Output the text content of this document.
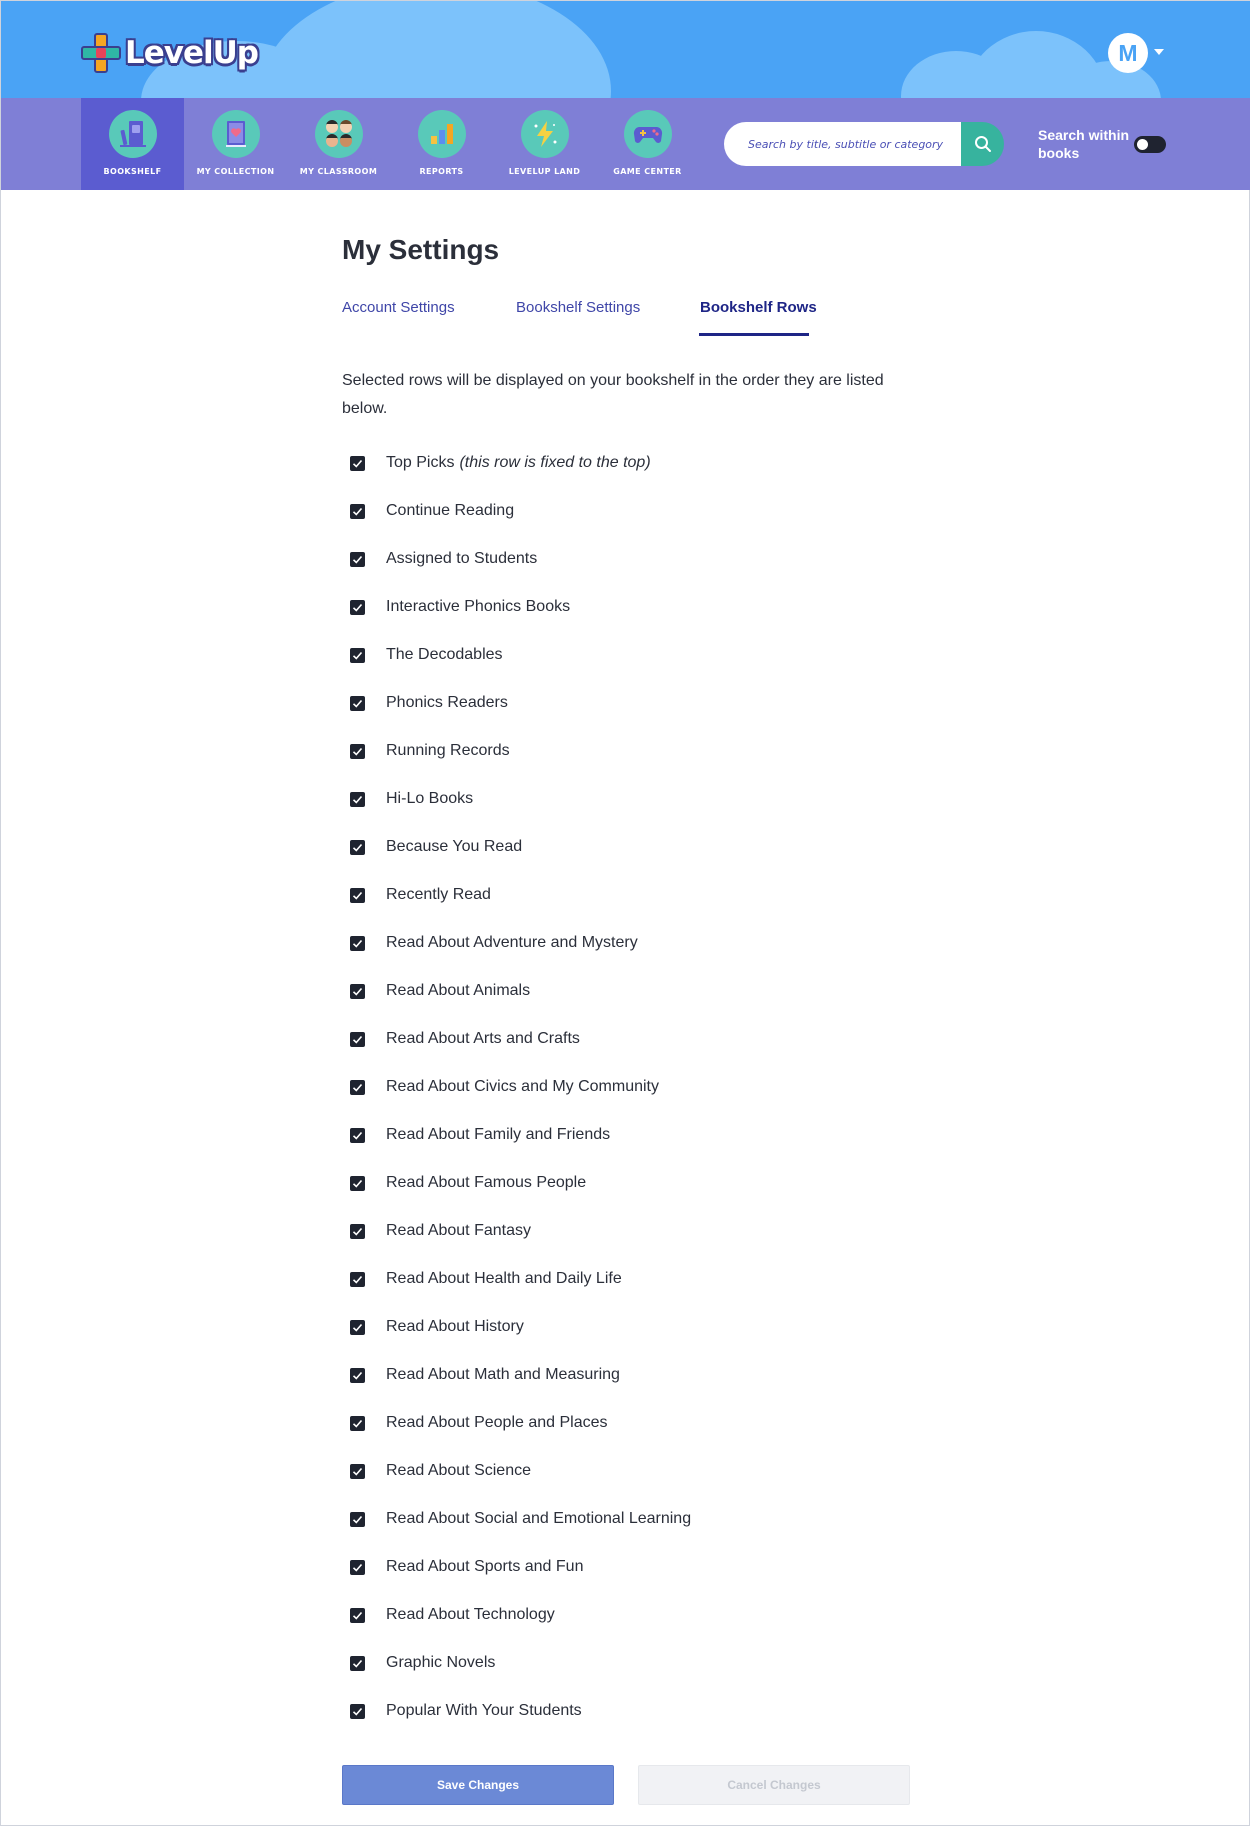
LevelUp	M
BOOKSHELF	MY COLLECTION	MY CLASSROOM	REPORTS	LEVELUP LAND	GAME CENTER
Search by title, subtitle or category
Search within books
My Settings
Account Settings	Bookshelf Settings	Bookshelf Rows

Selected rows will be displayed on your bookshelf in the order they are listed below.

Top Picks (this row is fixed to the top)
Continue Reading
Assigned to Students
Interactive Phonics Books
The Decodables
Phonics Readers
Running Records
Hi-Lo Books
Because You Read
Recently Read
Read About Adventure and Mystery
Read About Animals
Read About Arts and Crafts
Read About Civics and My Community
Read About Family and Friends
Read About Famous People
Read About Fantasy
Read About Health and Daily Life
Read About History
Read About Math and Measuring
Read About People and Places
Read About Science
Read About Social and Emotional Learning
Read About Sports and Fun
Read About Technology
Graphic Novels
Popular With Your Students
Save Changes	Cancel Changes
